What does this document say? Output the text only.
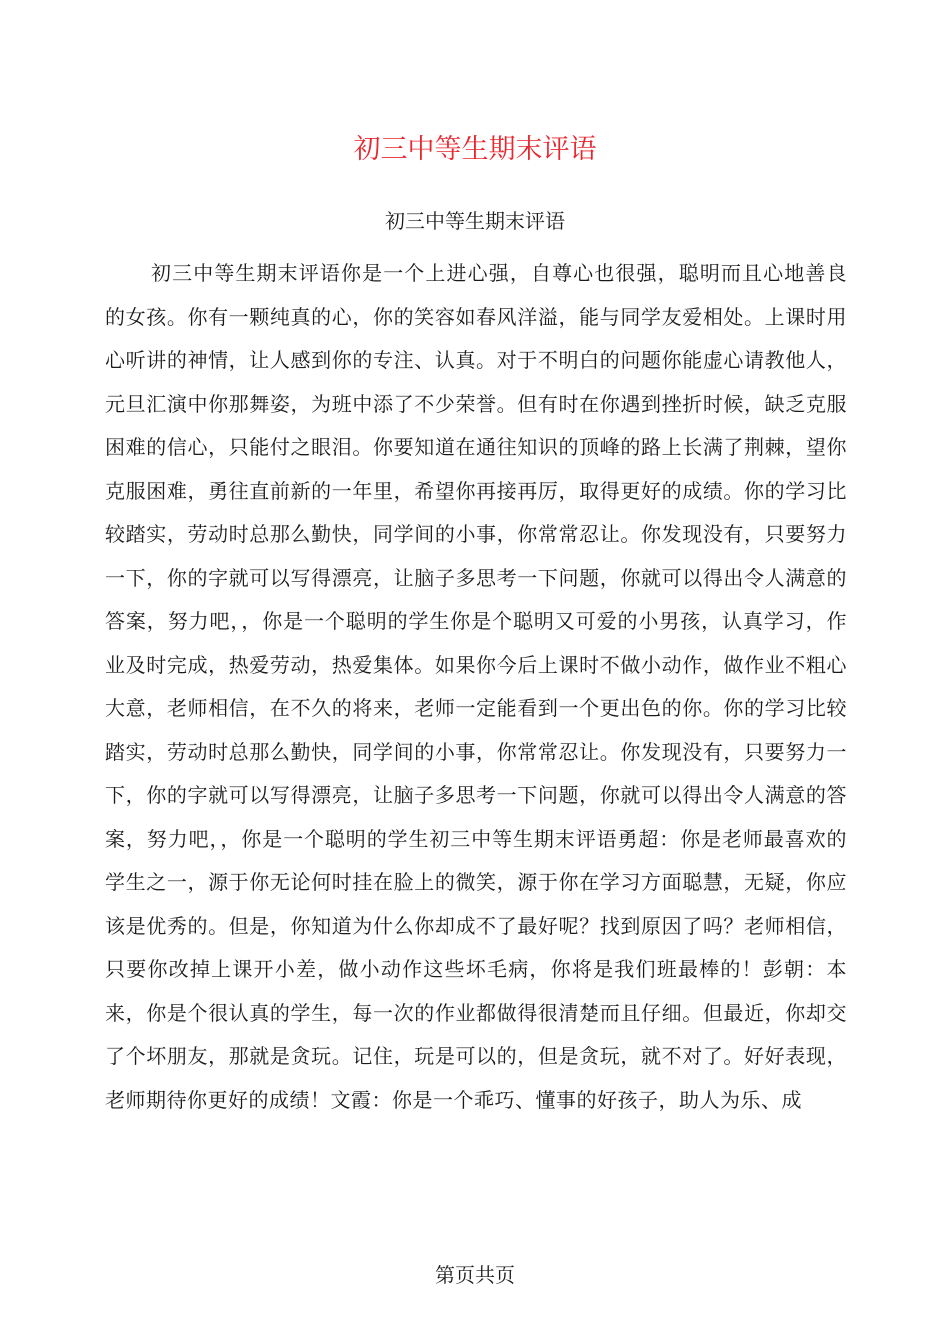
初三中等生期末评语
初三中等生期末评语

初三中等生期末评语你是一个上进心强，自尊心也很强，聪明而且心地善良的女孩。你有一颗纯真的心，你的笑容如春风洋溢，能与同学友爱相处。上课时用心听讲的神情，让人感到你的专注、认真。对于不明白的问题你能虚心请教他人，元旦汇演中你那舞姿，为班中添了不少荣誉。但有时在你遇到挫折时候，缺乏克服困难的信心，只能付之眼泪。你要知道在通往知识的顶峰的路上长满了荆棘，望你克服困难，勇往直前新的一年里，希望你再接再厉，取得更好的成绩。你的学习比较踏实，劳动时总那么勤快，同学间的小事，你常常忍让。你发现没有，只要努力一下，你的字就可以写得漂亮，让脑子多思考一下问题，你就可以得出令人满意的答案，努力吧，，你是一个聪明的学生你是个聪明又可爱的小男孩，认真学习，作业及时完成，热爱劳动，热爱集体。如果你今后上课时不做小动作，做作业不粗心大意，老师相信，在不久的将来，老师一定能看到一个更出色的你。你的学习比较踏实，劳动时总那么勤快，同学间的小事，你常常忍让。你发现没有，只要努力一下，你的字就可以写得漂亮，让脑子多思考一下问题，你就可以得出令人满意的答案，努力吧，，你是一个聪明的学生初三中等生期末评语勇超：你是老师最喜欢的学生之一，源于你无论何时挂在脸上的微笑，源于你在学习方面聪慧，无疑，你应该是优秀的。但是，你知道为什么你却成不了最好呢？找到原因了吗？老师相信，只要你改掉上课开小差，做小动作这些坏毛病，你将是我们班最棒的！彭朝：本来，你是个很认真的学生，每一次的作业都做得很清楚而且仔细。但最近，你却交了个坏朋友，那就是贪玩。记住，玩是可以的，但是贪玩，就不对了。好好表现，老师期待你更好的成绩！文霞：你是一个乖巧、懂事的好孩子，助人为乐、成

第页共页
